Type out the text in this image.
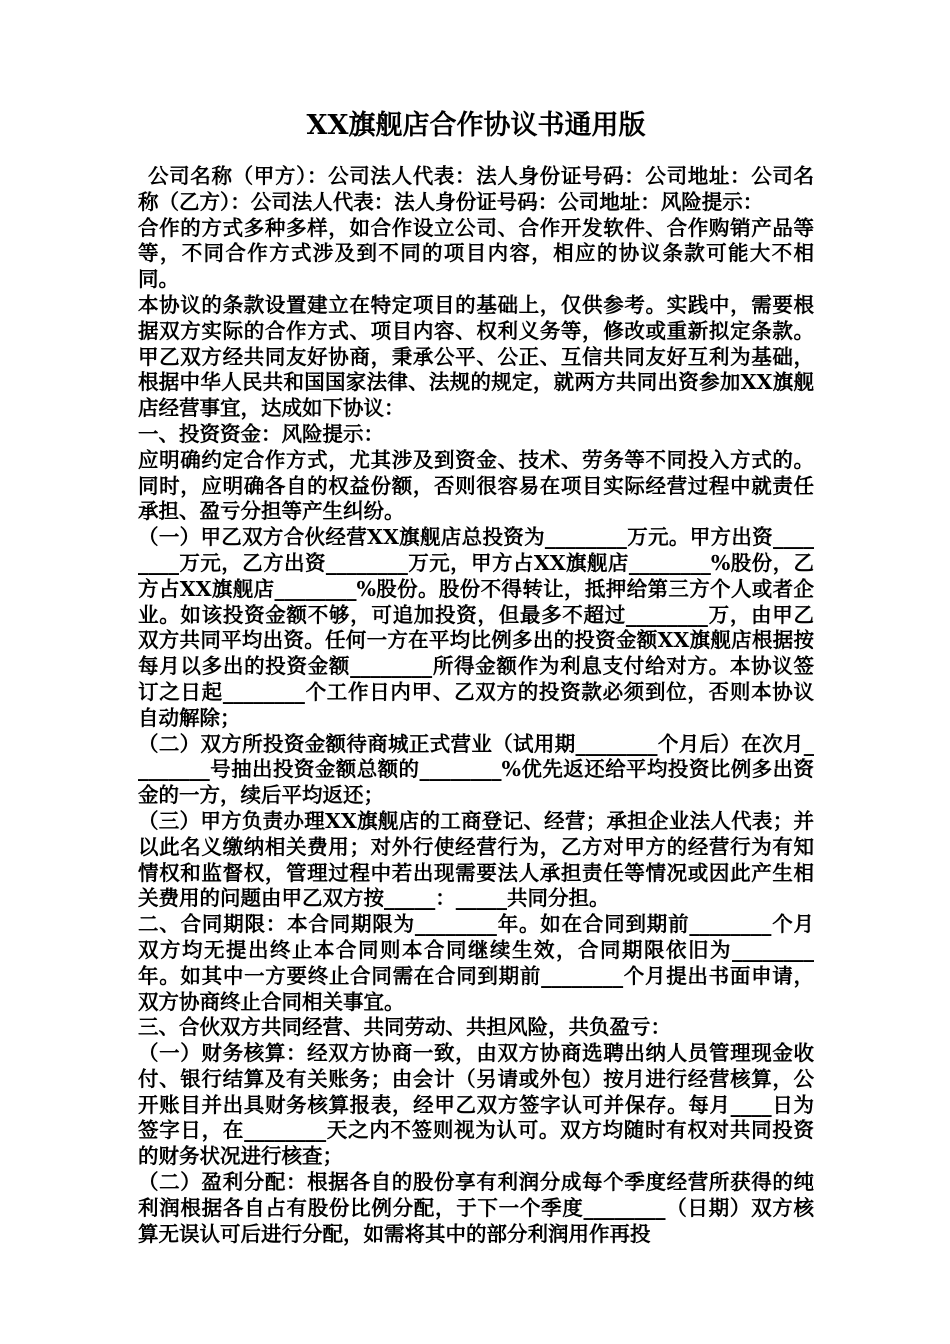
XX旗舰店合作协议书通用版

公司名称（甲方）：公司法人代表：法人身份证号码：公司地址：公司名称（乙方）：公司法人代表：法人身份证号码：公司地址：风险提示：

合作的方式多种多样，如合作设立公司、合作开发软件、合作购销产品等等，不同合作方式涉及到不同的项目内容，相应的协议条款可能大不相同。

本协议的条款设置建立在特定项目的基础上，仅供参考。实践中，需要根据双方实际的合作方式、项目内容、权利义务等，修改或重新拟定条款。 甲乙双方经共同友好协商，秉承公平、公正、互信共同友好互利为基础，根据中华人民共和国国家法律、法规的规定，就两方共同出资参加XX旗舰店经营事宜，达成如下协议：

一、投资资金：风险提示：

应明确约定合作方式，尤其涉及到资金、技术、劳务等不同投入方式的。同时，应明确各自的权益份额，否则很容易在项目实际经营过程中就责任承担、盈亏分担等产生纠纷。

（一）甲乙双方合伙经营XX旗舰店总投资为________万元。甲方出资________万元，乙方出资________万元，甲方占XX旗舰店________%股份，乙方占XX旗舰店________%股份。股份不得转让，抵押给第三方个人或者企业。如该投资金额不够，可追加投资，但最多不超过________万，由甲乙双方共同平均出资。任何一方在平均比例多出的投资金额XX旗舰店根据按每月以多出的投资金额________所得金额作为利息支付给对方。本协议签订之日起________个工作日内甲、乙双方的投资款必须到位，否则本协议自动解除；

（二）双方所投资金额待商城正式营业（试用期________个月后）在次月________号抽出投资金额总额的________%优先返还给平均投资比例多出资金的一方，续后平均返还；

（三）甲方负责办理XX旗舰店的工商登记、经营；承担企业法人代表；并以此名义缴纳相关费用；对外行使经营行为，乙方对甲方的经营行为有知情权和监督权，管理过程中若出现需要法人承担责任等情况或因此产生相关费用的问题由甲乙双方按_____：_____共同分担。

二、合同期限：本合同期限为________年。如在合同到期前________个月双方均无提出终止本合同则本合同继续生效，合同期限依旧为________年。如其中一方要终止合同需在合同到期前________个月提出书面申请，双方协商终止合同相关事宜。

三、合伙双方共同经营、共同劳动、共担风险，共负盈亏：

（一）财务核算：经双方协商一致，由双方协商选聘出纳人员管理现金收付、银行结算及有关账务；由会计（另请或外包）按月进行经营核算，公开账目并出具财务核算报表，经甲乙双方签字认可并保存。每月____日为签字日，在________天之内不签则视为认可。双方均随时有权对共同投资的财务状况进行核查；

（二）盈利分配：根据各自的股份享有利润分成每个季度经营所获得的纯利润根据各自占有股份比例分配，于下一个季度________（日期）双方核算无误认可后进行分配，如需将其中的部分利润用作再投
